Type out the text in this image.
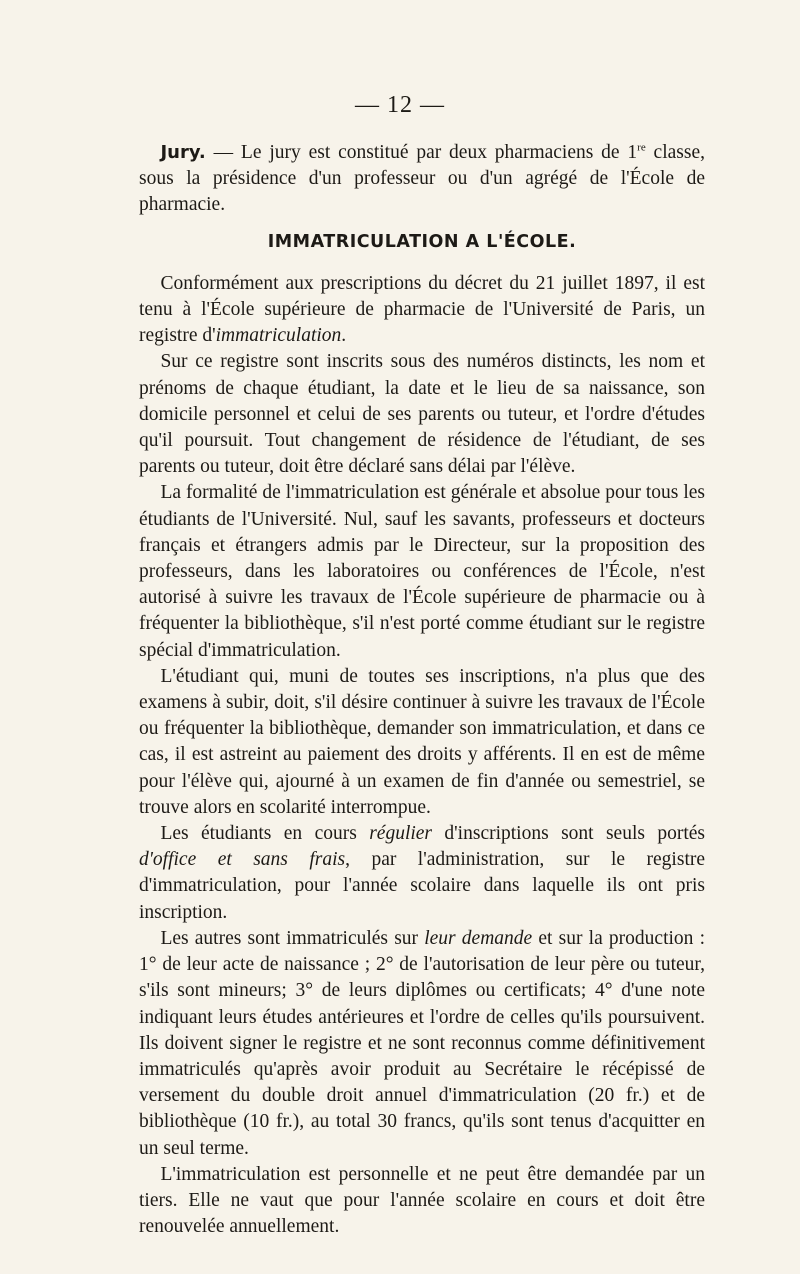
— 12 —

Jury. — Le jury est constitué par deux pharmaciens de 1re classe, sous la présidence d'un professeur ou d'un agrégé de l'École de pharmacie.

IMMATRICULATION A L'ÉCOLE.

Conformément aux prescriptions du décret du 21 juillet 1897, il est tenu à l'École supérieure de pharmacie de l'Université de Paris, un registre d'immatriculation.

Sur ce registre sont inscrits sous des numéros distincts, les nom et prénoms de chaque étudiant, la date et le lieu de sa naissance, son domicile personnel et celui de ses parents ou tuteur, et l'ordre d'études qu'il poursuit. Tout changement de résidence de l'étudiant, de ses parents ou tuteur, doit être déclaré sans délai par l'élève.

La formalité de l'immatriculation est générale et absolue pour tous les étudiants de l'Université. Nul, sauf les savants, professeurs et docteurs français et étrangers admis par le Directeur, sur la proposition des professeurs, dans les laboratoires ou conférences de l'École, n'est autorisé à suivre les travaux de l'École supérieure de pharmacie ou à fréquenter la bibliothèque, s'il n'est porté comme étudiant sur le registre spécial d'immatriculation.

L'étudiant qui, muni de toutes ses inscriptions, n'a plus que des examens à subir, doit, s'il désire continuer à suivre les travaux de l'École ou fréquenter la bibliothèque, demander son immatriculation, et dans ce cas, il est astreint au paiement des droits y afférents. Il en est de même pour l'élève qui, ajourné à un examen de fin d'année ou semestriel, se trouve alors en scolarité interrompue.

Les étudiants en cours régulier d'inscriptions sont seuls portés d'office et sans frais, par l'administration, sur le registre d'immatriculation, pour l'année scolaire dans laquelle ils ont pris inscription.

Les autres sont immatriculés sur leur demande et sur la production : 1° de leur acte de naissance ; 2° de l'autorisation de leur père ou tuteur, s'ils sont mineurs; 3° de leurs diplômes ou certificats; 4° d'une note indiquant leurs études antérieures et l'ordre de celles qu'ils poursuivent. Ils doivent signer le registre et ne sont reconnus comme définitivement immatriculés qu'après avoir produit au Secrétaire le récépissé de versement du double droit annuel d'immatriculation (20 fr.) et de bibliothèque (10 fr.), au total 30 francs, qu'ils sont tenus d'acquitter en un seul terme.

L'immatriculation est personnelle et ne peut être demandée par un tiers. Elle ne vaut que pour l'année scolaire en cours et doit être renouvelée annuellement.
